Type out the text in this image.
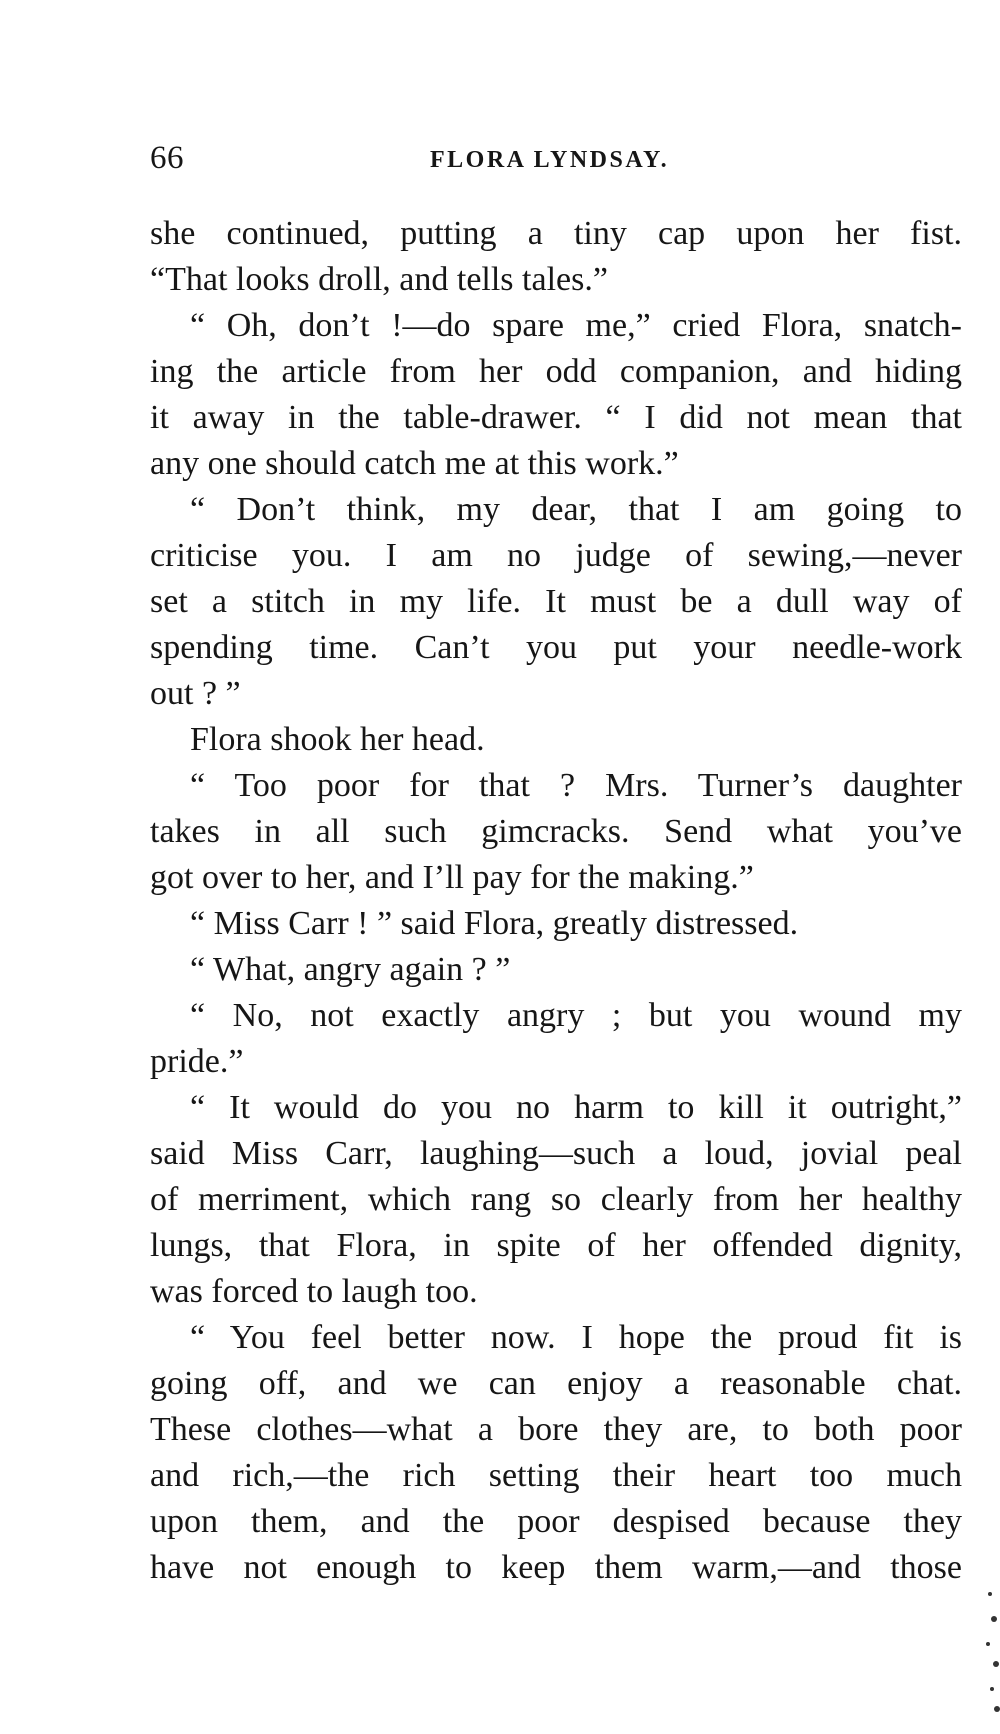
66	FLORA LYNDSAY.
she continued, putting a tiny cap upon her fist.
“That looks droll, and tells tales.”
“ Oh, don’t !—do spare me,” cried Flora, snatch-
ing the article from her odd companion, and hiding
it away in the table-drawer. “ I did not mean that
any one should catch me at this work.”
“ Don’t think, my dear, that I am going to
criticise you. I am no judge of sewing,—never
set a stitch in my life. It must be a dull way of
spending time. Can’t you put your needle-work
out ? ”
Flora shook her head.
“ Too poor for that ? Mrs. Turner’s daughter
takes in all such gimcracks. Send what you’ve
got over to her, and I’ll pay for the making.”
“ Miss Carr ! ” said Flora, greatly distressed.
“ What, angry again ? ”
“ No, not exactly angry ; but you wound my
pride.”
“ It would do you no harm to kill it outright,”
said Miss Carr, laughing—such a loud, jovial peal
of merriment, which rang so clearly from her healthy
lungs, that Flora, in spite of her offended dignity,
was forced to laugh too.
“ You feel better now. I hope the proud fit is
going off, and we can enjoy a reasonable chat.
These clothes—what a bore they are, to both poor
and rich,—the rich setting their heart too much
upon them, and the poor despised because they
have not enough to keep them warm,—and those
